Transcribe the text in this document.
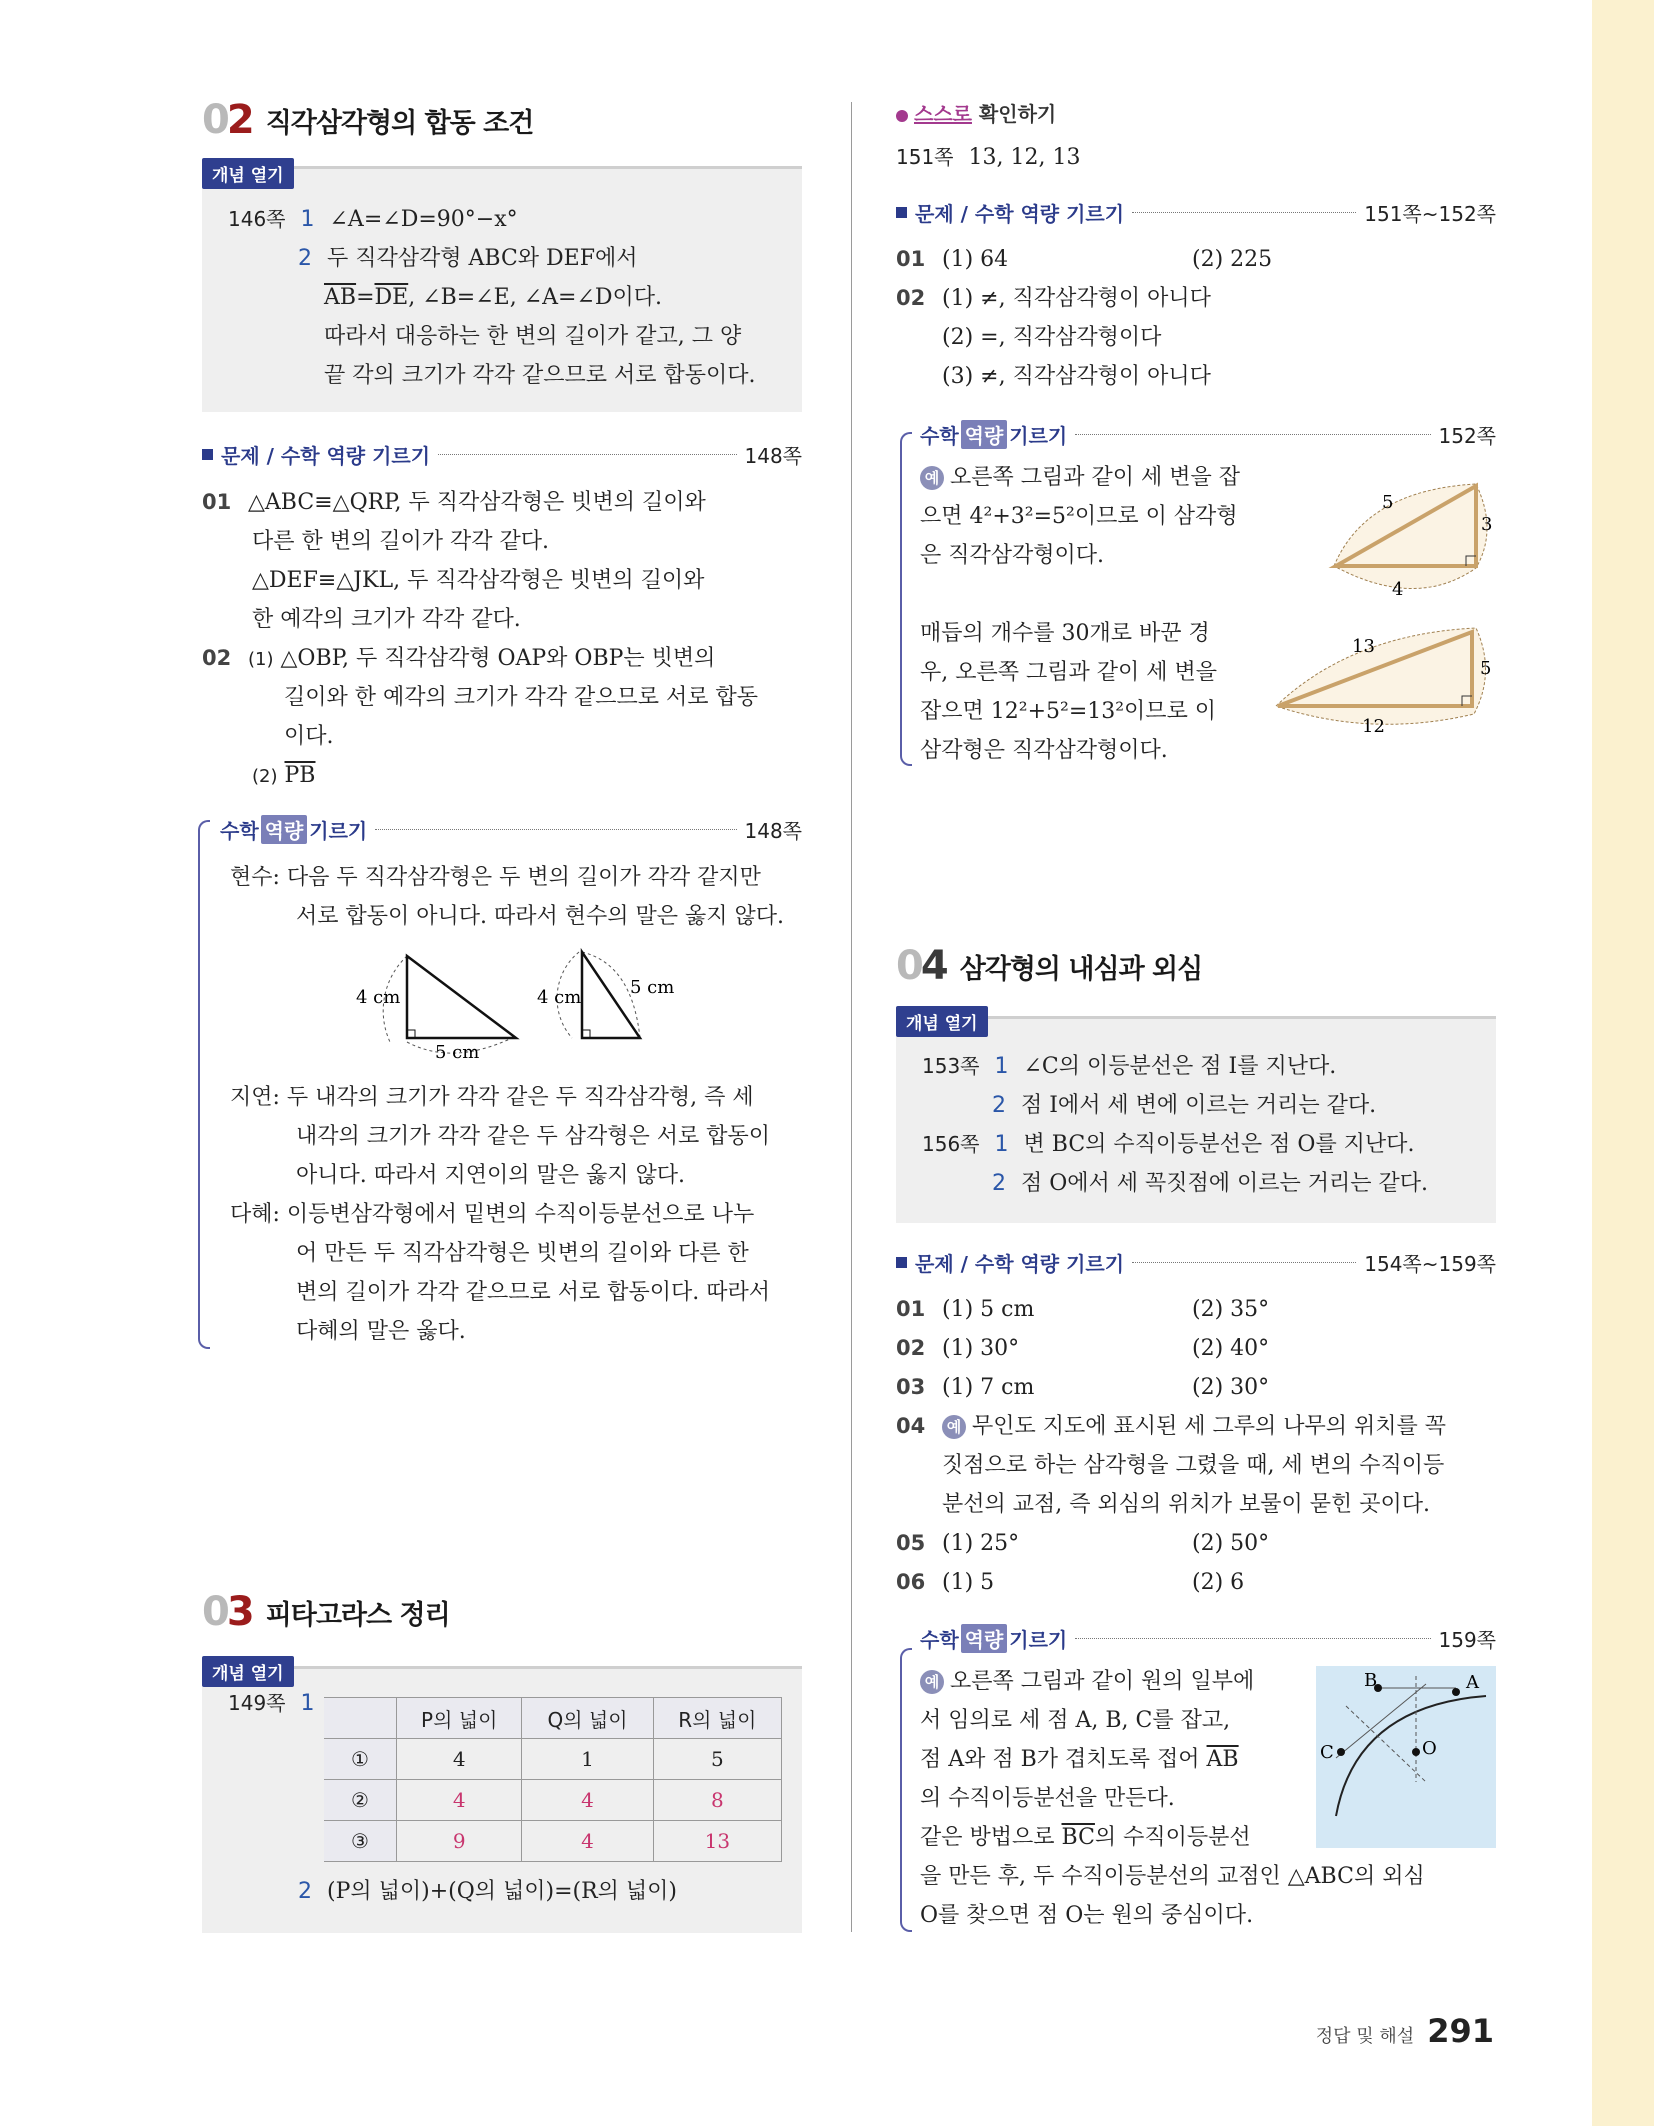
02 직각삼각형의 합동 조건
개념 열기
146쪽 1 ∠A=∠D=90°−x°
2 두 직각삼각형 ABC와 DEF에서
$\overline{AB}=\overline{DE}$, ∠B=∠E, ∠A=∠D이다.
따라서 대응하는 한 변의 길이가 같고, 그 양
끝 각의 크기가 각각 같으므로 서로 합동이다.
문제 / 수학 역량 기르기	148쪽
01 △ABC≡△QRP, 두 직각삼각형은 빗변의 길이와
다른 한 변의 길이가 각각 같다.
△DEF≡△JKL, 두 직각삼각형은 빗변의 길이와
한 예각의 크기가 각각 같다.
02 (1) △OBP, 두 직각삼각형 OAP와 OBP는 빗변의
길이와 한 예각의 크기가 각각 같으므로 서로 합동
이다.
(2) $\overline{PB}$
수학 역량 기르기	148쪽
현수: 다음 두 직각삼각형은 두 변의 길이가 각각 같지만
서로 합동이 아니다. 따라서 현수의 말은 옳지 않다.
4 cm
5 cm
4 cm	5 cm
지연: 두 내각의 크기가 각각 같은 두 직각삼각형, 즉 세
내각의 크기가 각각 같은 두 삼각형은 서로 합동이
아니다. 따라서 지연이의 말은 옳지 않다.
다혜: 이등변삼각형에서 밑변의 수직이등분선으로 나누
어 만든 두 직각삼각형은 빗변의 길이와 다른 한
변의 길이가 각각 같으므로 서로 합동이다. 따라서
다혜의 말은 옳다.
03 피타고라스 정리
개념 열기
149쪽 1
	P의 넓이	Q의 넓이	R의 넓이
①	4	1	5
②	4	4	8
③	9	4	13
2 (P의 넓이)+(Q의 넓이)=(R의 넓이)
스스로 확인하기
151쪽 13, 12, 13
문제 / 수학 역량 기르기	151쪽~152쪽
01 (1) 64	(2) 225
02 (1) ≠, 직각삼각형이 아니다
(2) =, 직각삼각형이다
(3) ≠, 직각삼각형이 아니다
수학 역량 기르기	152쪽
예 오른쪽 그림과 같이 세 변을 잡
으면 4²+3²=5²이므로 이 삼각형
은 직각삼각형이다.
5
3
4
매듭의 개수를 30개로 바꾼 경
우, 오른쪽 그림과 같이 세 변을
잡으면 12²+5²=13²이므로 이
삼각형은 직각삼각형이다.
13
5
12
04 삼각형의 내심과 외심
개념 열기
153쪽 1 ∠C의 이등분선은 점 I를 지난다.
2 점 I에서 세 변에 이르는 거리는 같다.
156쪽 1 변 BC의 수직이등분선은 점 O를 지난다.
2 점 O에서 세 꼭짓점에 이르는 거리는 같다.
문제 / 수학 역량 기르기	154쪽~159쪽
01 (1) 5 cm	(2) 35°
02 (1) 30°	(2) 40°
03 (1) 7 cm	(2) 30°
04 예 무인도 지도에 표시된 세 그루의 나무의 위치를 꼭
짓점으로 하는 삼각형을 그렸을 때, 세 변의 수직이등
분선의 교점, 즉 외심의 위치가 보물이 묻힌 곳이다.
05 (1) 25°	(2) 50°
06 (1) 5	(2) 6
수학 역량 기르기	159쪽
예 오른쪽 그림과 같이 원의 일부에
서 임의로 세 점 A, B, C를 잡고,
점 A와 점 B가 겹치도록 접어 $\overline{AB}$
의 수직이등분선을 만든다.
같은 방법으로 $\overline{BC}$의 수직이등분선
을 만든 후, 두 수직이등분선의 교점인 △ABC의 외심
O를 찾으면 점 O는 원의 중심이다.
B	A
C	O
정답 및 해설 291
